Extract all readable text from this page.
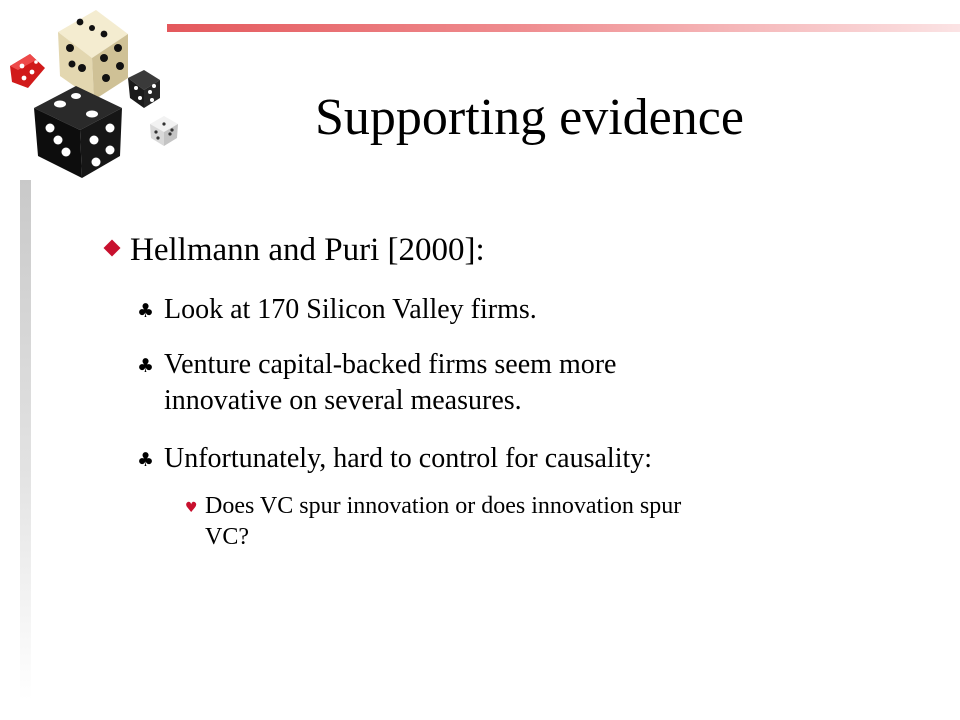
Supporting evidence
Hellmann and Puri [2000]:
♣ Look at 170 Silicon Valley firms.
♣ Venture capital-backed firms seem more
innovative on several measures.
♣ Unfortunately, hard to control for causality:
♥ Does VC spur innovation or does innovation spur
VC?
